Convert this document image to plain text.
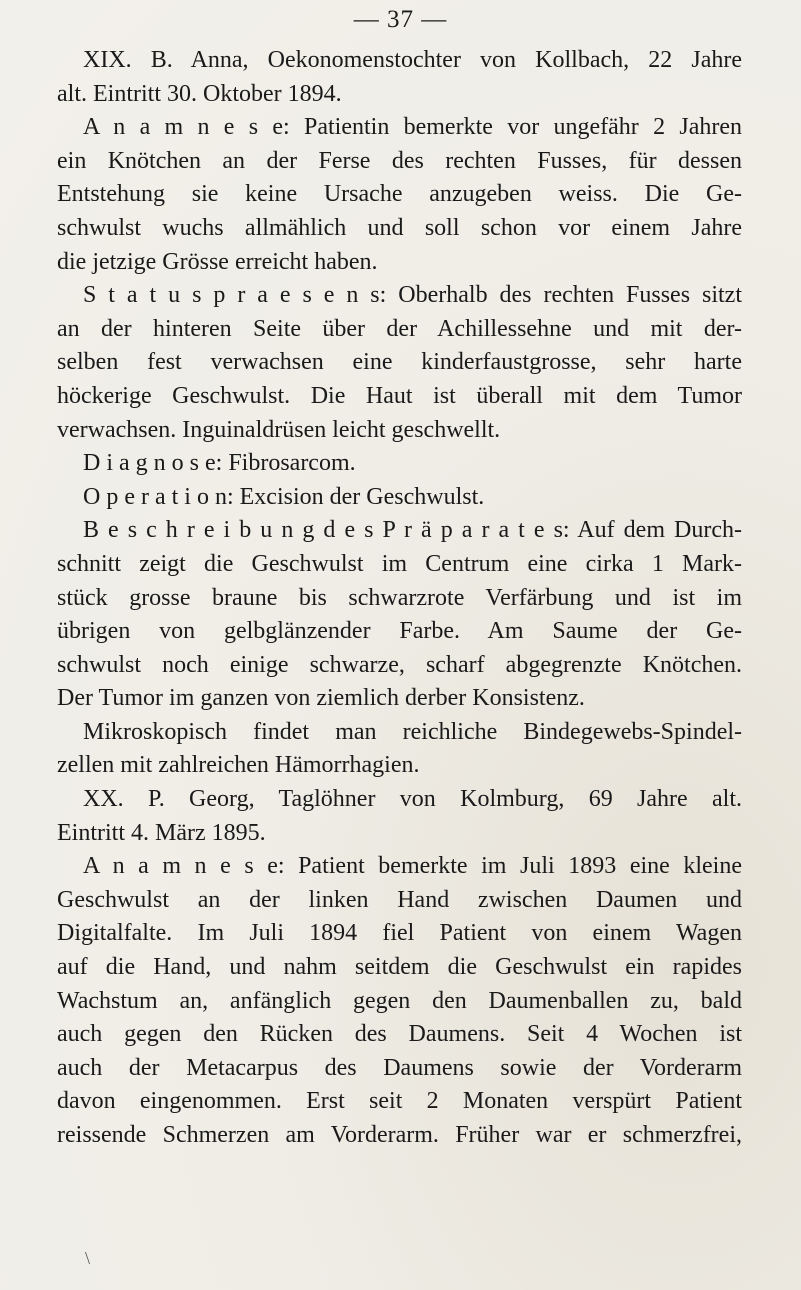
— 37 —
XIX. B. Anna, Oekonomenstochter von Kollbach, 22 Jahre
alt. Eintritt 30. Oktober 1894.
A n a m n e s e: Patientin bemerkte vor ungefähr 2 Jahren
ein Knötchen an der Ferse des rechten Fusses, für dessen
Entstehung sie keine Ursache anzugeben weiss. Die Ge-
schwulst wuchs allmählich und soll schon vor einem Jahre
die jetzige Grösse erreicht haben.
S t a t u s p r a e s e n s: Oberhalb des rechten Fusses sitzt
an der hinteren Seite über der Achillessehne und mit der-
selben fest verwachsen eine kinderfaustgrosse, sehr harte
höckerige Geschwulst. Die Haut ist überall mit dem Tumor
verwachsen. Inguinaldrüsen leicht geschwellt.
D i a g n o s e: Fibrosarcom.
O p e r a t i o n: Excision der Geschwulst.
B e s c h r e i b u n g d e s P r ä p a r a t e s: Auf dem Durch-
schnitt zeigt die Geschwulst im Centrum eine cirka 1 Mark-
stück grosse braune bis schwarzrote Verfärbung und ist im
übrigen von gelbglänzender Farbe. Am Saume der Ge-
schwulst noch einige schwarze, scharf abgegrenzte Knötchen.
Der Tumor im ganzen von ziemlich derber Konsistenz.
Mikroskopisch findet man reichliche Bindegewebs-Spindel-
zellen mit zahlreichen Hämorrhagien.
XX. P. Georg, Taglöhner von Kolmburg, 69 Jahre alt.
Eintritt 4. März 1895.
A n a m n e s e: Patient bemerkte im Juli 1893 eine kleine
Geschwulst an der linken Hand zwischen Daumen und
Digitalfalte. Im Juli 1894 fiel Patient von einem Wagen
auf die Hand, und nahm seitdem die Geschwulst ein rapides
Wachstum an, anfänglich gegen den Daumenballen zu, bald
auch gegen den Rücken des Daumens. Seit 4 Wochen ist
auch der Metacarpus des Daumens sowie der Vorderarm
davon eingenommen. Erst seit 2 Monaten verspürt Patient
reissende Schmerzen am Vorderarm. Früher war er schmerzfrei,
\
